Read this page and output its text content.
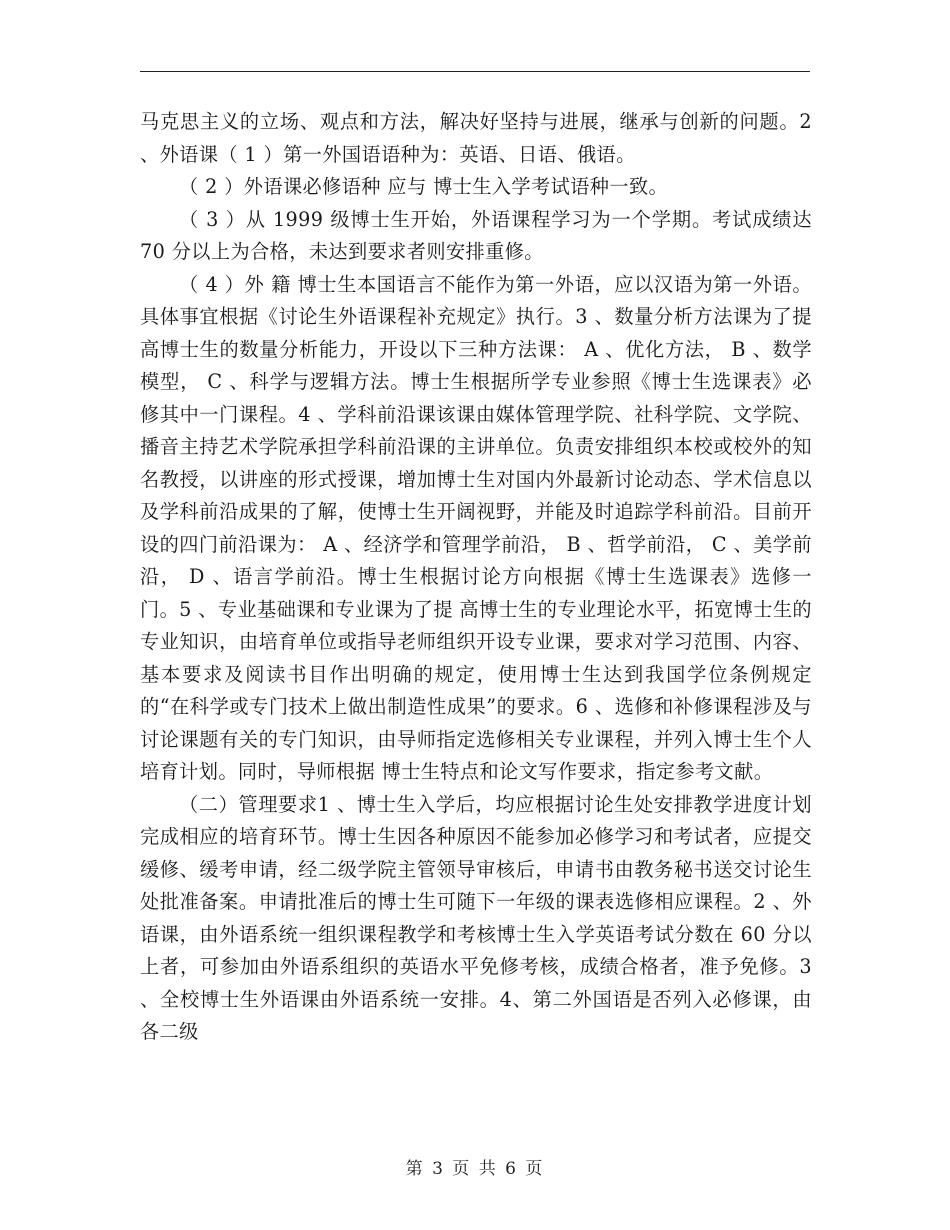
马克思主义的立场、观点和方法，解决好坚持与进展，继承与创新的问题。2 、外语课（ 1 ）第一外国语语种为：英语、日语、俄语。

（ 2 ）外语课必修语种 应与 博士生入学考试语种一致。

（ 3 ）从 1999 级博士生开始，外语课程学习为一个学期。考试成绩达 70 分以上为合格，未达到要求者则安排重修。

（ 4 ）外 籍 博士生本国语言不能作为第一外语，应以汉语为第一外语。具体事宜根据《讨论生外语课程补充规定》执行。3 、数量分析方法课为了提 高博士生的数量分析能力，开设以下三种方法课： A 、优化方法， B 、数学模型， C 、科学与逻辑方法。博士生根据所学专业参照《博士生选课表》必修其中一门课程。4 、学科前沿课该课由媒体管理学院、社科学院、文学院、播音主持艺术学院承担学科前沿课的主讲单位。负责安排组织本校或校外的知名教授，以讲座的形式授课，增加博士生对国内外最新讨论动态、学术信息以及学科前沿成果的了解，使博士生开阔视野，并能及时追踪学科前沿。目前开设的四门前沿课为： A 、经济学和管理学前沿， B 、哲学前沿， C 、美学前沿， D 、语言学前沿。博士生根据讨论方向根据《博士生选课表》选修一门。5 、专业基础课和专业课为了提 高博士生的专业理论水平，拓宽博士生的专业知识，由培育单位或指导老师组织开设专业课，要求对学习范围、内容、基本要求及阅读书目作出明确的规定，使用博士生达到我国学位条例规定的“在科学或专门技术上做出制造性成果”的要求。6 、选修和补修课程涉及与讨论课题有关的专门知识，由导师指定选修相关专业课程，并列入博士生个人培育计划。同时，导师根据 博士生特点和论文写作要求，指定参考文献。

（二）管理要求1 、博士生入学后，均应根据讨论生处安排教学进度计划完成相应的培育环节。博士生因各种原因不能参加必修学习和考试者，应提交缓修、缓考申请，经二级学院主管领导审核后，申请书由教务秘书送交讨论生处批准备案。申请批准后的博士生可随下一年级的课表选修相应课程。2 、外语课，由外语系统一组织课程教学和考核博士生入学英语考试分数在 60 分以上者，可参加由外语系组织的英语水平免修考核，成绩合格者，准予免修。3 、全校博士生外语课由外语系统一安排。4、第二外国语是否列入必修课，由各二级

第 3 页 共 6 页
